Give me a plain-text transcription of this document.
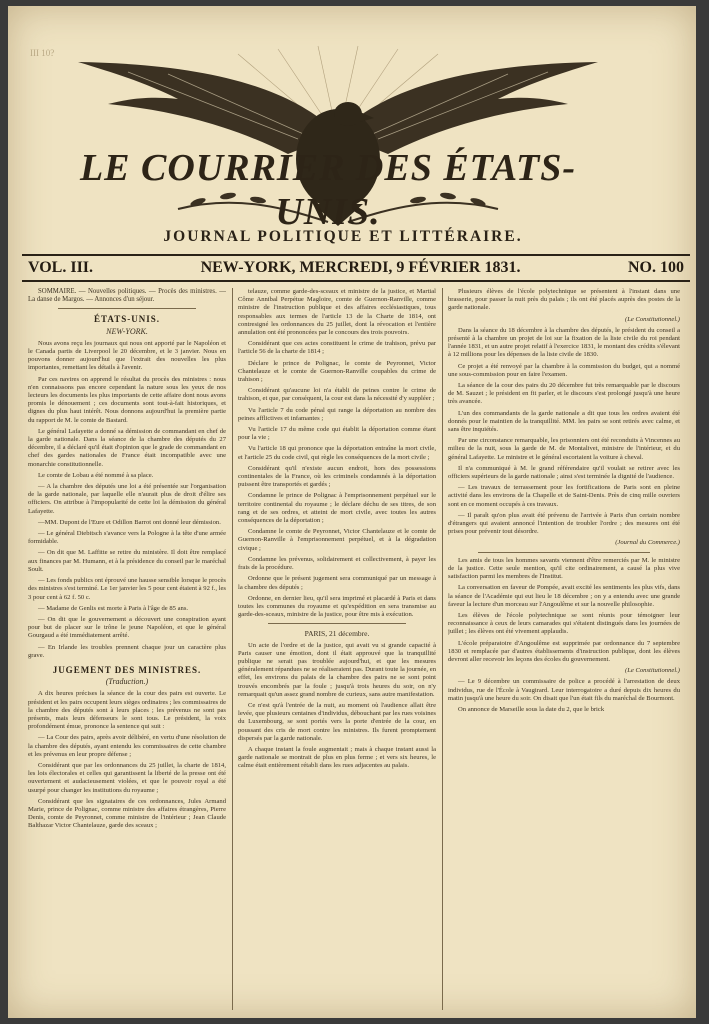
III 10?
LE COURRIER DES ÉTATS-UNIS.
JOURNAL POLITIQUE ET LITTÉRAIRE.
VOL. III.	NEW-YORK, MERCREDI, 9 FÉVRIER 1831.	NO. 100

SOMMAIRE. — Nouvelles politiques. — Procès des ministres. — La danse de Margos. — Annonces d'un séjour.

ÉTATS-UNIS.
NEW-YORK.

Nous avons reçu les journaux qui nous ont apporté par le Napoléon et le Canada partis de Liverpool le 20 décembre, et le 3 janvier. Nous en pouvons donner aujourd'hui que l'extrait des nouvelles les plus importantes, remettant les détails à l'avenir.

Par ces navires on apprend le résultat du procès des ministres : nous n'en connaissons pas encore cependant la nature sous les yeux de nos lecteurs les documents les plus importants de cette affaire dont nous avons promis le dénouement ; ces documents sont tout-à-fait historiques, et dignes du plus haut intérêt. Nous donnons aujourd'hui la première partie du rapport de M. le comte de Bastard.

Le général Lafayette a donné sa démission de commandant en chef de la garde nationale. Dans la séance de la chambre des députés du 27 décembre, il a déclaré qu'il était d'opinion que le grade de commandant en chef des gardes nationales de France était incompatible avec une monarchie constitutionnelle.

Le comte de Lobau a été nommé à sa place.

— A la chambre des députés une loi a été présentée sur l'organisation de la garde nationale, par laquelle elle n'aurait plus de droit d'élire ses officiers. On attribue à l'impopularité de cette loi la démission du général Lafayette.

—MM. Dupont de l'Eure et Odillon Barrot ont donné leur démission.

— Le général Diebitsch s'avance vers la Pologne à la tête d'une armée formidable.

— On dit que M. Laffitte se retire du ministère. Il doit être remplacé aux finances par M. Humann, et à la présidence du conseil par le maréchal Soult.

— Les fonds publics ont éprouvé une hausse sensible lorsque le procès des ministres s'est terminé. Le 1er janvier les 5 pour cent étaient à 92 f., les 3 pour cent à 62 f. 50 c.

— Madame de Genlis est morte à Paris à l'âge de 85 ans.

— On dit que le gouvernement a découvert une conspiration ayant pour but de placer sur le trône le jeune Napoléon, et que le général Gourgaud a été immédiatement arrêté.

— En Irlande les troubles prennent chaque jour un caractère plus grave.

JUGEMENT DES MINISTRES.
(Traduction.)

A dix heures précises la séance de la cour des pairs est ouverte. Le président et les pairs occupent leurs sièges ordinaires ; les commissaires de la chambre des députés sont à leurs places ; les prévenus ne sont pas présents, mais leurs défenseurs le sont tous. Le président, la voix profondément émue, prononce la sentence qui suit :

— La Cour des pairs, après avoir délibéré, en vertu d'une résolution de la chambre des députés, ayant entendu les commissaires de cette chambre et les prévenus en leur propre défense ;

Considérant que par les ordonnances du 25 juillet, la charte de 1814, les lois électorales et celles qui garantissent la liberté de la presse ont été ouvertement et audacieusement violées, et que le pouvoir royal a été usurpé pour changer les institutions du royaume ;

Considérant que les signataires de ces ordonnances, Jules Armand Marie, prince de Polignac, comme ministre des affaires étrangères, Pierre Denis, comte de Peyronnet, comme ministre de l'intérieur ; Jean Claude Balthazar Victor Chantelauze, garde des sceaux ;

telauze, comme garde-des-sceaux et ministre de la justice, et Martial Côme Annibal Perpétue Magloire, comte de Guernon-Ranville, comme ministre de l'instruction publique et des affaires ecclésiastiques, tous responsables aux termes de l'article 13 de la Charte de 1814, ont contresigné les ordonnances du 25 juillet, dont la révocation et l'entière annulation ont été prononcées par le concours des trois pouvoirs.

Considérant que ces actes constituent le crime de trahison, prévu par l'article 56 de la charte de 1814 ;

Déclare le prince de Polignac, le comte de Peyronnet, Victor Chantelauze et le comte de Guernon-Ranville coupables du crime de trahison ;

Considérant qu'aucune loi n'a établi de peines contre le crime de trahison, et que, par conséquent, la cour est dans la nécessité d'y suppléer ;

Vu l'article 7 du code pénal qui range la déportation au nombre des peines afflictives et infamantes ;

Vu l'article 17 du même code qui établit la déportation comme étant pour la vie ;

Vu l'article 18 qui prononce que la déportation entraîne la mort civile, et l'article 25 du code civil, qui règle les conséquences de la mort civile ;

Considérant qu'il n'existe aucun endroit, hors des possessions continentales de la France, où les criminels condamnés à la déportation puissent être transportés et gardés ;

Condamne le prince de Polignac à l'emprisonnement perpétuel sur le territoire continental du royaume ; le déclare déchu de ses titres, de son rang et de ses ordres, et atteint de mort civile, avec toutes les autres conséquences de la déportation ;

Condamne le comte de Peyronnet, Victor Chantelauze et le comte de Guernon-Ranville à l'emprisonnement perpétuel, et à la dégradation civique ;

Condamne les prévenus, solidairement et collectivement, à payer les frais de la procédure.

Ordonne que le présent jugement sera communiqué par un message à la chambre des députés ;

Ordonne, en dernier lieu, qu'il sera imprimé et placardé à Paris et dans toutes les communes du royaume et qu'expédition en sera transmise au garde-des-sceaux, ministre de la justice, pour être mis à exécution.

PARIS, 21 décembre.

Un acte de l'ordre et de la justice, qui avait vu si grande capacité à Paris causer une émotion, dont il était approuvé que la tranquillité publique ne serait pas troublée aujourd'hui, et que les mesures généralement répandues ne se réaliseraient pas. Durant toute la journée, en effet, les environs du palais de la chambre des pairs ne se sont point trouvés encombrés par la foule ; jusqu'à trois heures du soir, on n'y remarquait qu'un assez grand nombre de curieux, sans autre manifestation.

Ce n'est qu'à l'entrée de la nuit, au moment où l'audience allait être levée, que plusieurs centaines d'individus, débouchant par les rues voisines du Luxembourg, se sont portés vers la porte d'entrée de la cour, en poussant des cris de mort contre les ministres. Ils furent promptement dispersés par la garde nationale.

A chaque instant la foule augmentait ; mais à chaque instant aussi la garde nationale se montrait de plus en plus ferme ; et vers six heures, le calme était entièrement rétabli dans les rues adjacentes au palais.

Plusieurs élèves de l'école polytechnique se présentent à l'instant dans une brasserie, pour passer la nuit près du palais ; ils ont été placés auprès des postes de la garde nationale.

(Le Constitutionnel.)

Dans la séance du 18 décembre à la chambre des députés, le président du conseil a présenté à la chambre un projet de loi sur la fixation de la liste civile du roi pendant l'année 1831, et un autre projet relatif à l'exercice 1831, le montant des crédits s'élevant à 12 millions pour les dépenses de la liste civile de 1830.

Ce projet a été renvoyé par la chambre à la commission du budget, qui a nommé une sous-commission pour en faire l'examen.

La séance de la cour des pairs du 20 décembre fut très remarquable par le discours de M. Sauzet ; le président en fit parler, et le discours s'est prolongé jusqu'à une heure très avancée.

L'un des commandants de la garde nationale a dit que tous les ordres avaient été donnés pour le maintien de la tranquillité. MM. les pairs se sont retirés avec calme, et sans être inquiétés.

Par une circonstance remarquable, les prisonniers ont été reconduits à Vincennes au milieu de la nuit, sous la garde de M. de Montalivet, ministre de l'intérieur, et du général Lafayette. Le ministre et le général escortaient la voiture à cheval.

Il n'a communiqué à M. le grand référendaire qu'il voulait se retirer avec les officiers supérieurs de la garde nationale ; ainsi s'est terminée la dignité de l'audience.

— Les travaux de terrassement pour les fortifications de Paris sont en pleine activité dans les environs de la Chapelle et de Saint-Denis. Près de cinq mille ouvriers sont en ce moment occupés à ces travaux.

— Il paraît qu'on plus avait été prévenu de l'arrivée à Paris d'un certain nombre d'étrangers qui avaient annoncé l'intention de troubler l'ordre ; des mesures ont été prises pour prévenir tout désordre.

(Journal du Commerce.)

Les amis de tous les hommes savants viennent d'être remerciés par M. le ministre de la justice. Cette seule mention, qu'il cite ordinairement, a causé la plus vive satisfaction parmi les membres de l'Institut.

La conversation en faveur de Pompée, avait excité les sentiments les plus vifs, dans la séance de l'Académie qui eut lieu le 18 décembre ; on y a entendu avec une grande faveur la lecture d'un morceau sur l'Angoulême et sur la nouvelle philosophie.

Les élèves de l'école polytechnique se sont réunis pour témoigner leur reconnaissance à ceux de leurs camarades qui s'étaient distingués dans les journées de juillet ; les élèves ont été vivement applaudis.

L'école préparatoire d'Angoulême est supprimée par ordonnance du 7 septembre 1830 et remplacée par d'autres établissements d'instruction publique, dont les élèves devront aller recevoir les leçons des écoles du gouvernement.

(Le Constitutionnel.)

— Le 9 décembre un commissaire de police a procédé à l'arrestation de deux individus, rue de l'École à Vaugirard. Leur interrogatoire a duré depuis dix heures du matin jusqu'à une heure du soir. On disait que l'un était fils du maréchal de Bourmont.

On annonce de Marseille sous la date du 2, que le brick
